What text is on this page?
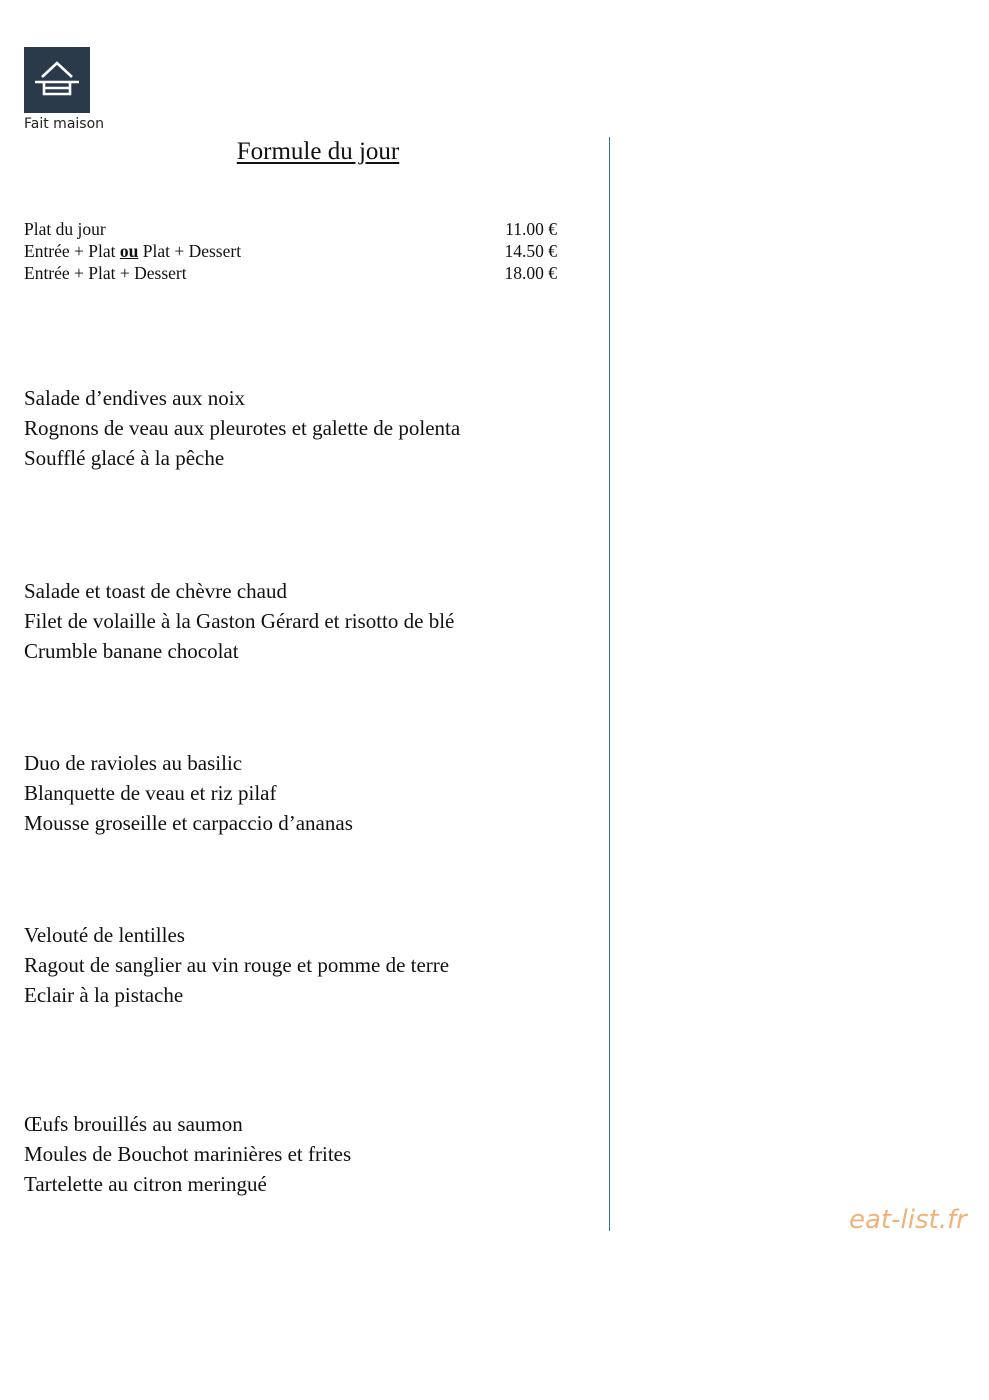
Fait maison
Formule du jour
Plat du jour	11.00 €
Entrée + Plat ou Plat + Dessert	14.50 €
Entrée + Plat + Dessert	18.00 €
Salade d’endives aux noix
Rognons de veau aux pleurotes et galette de polenta
Soufflé glacé à la pêche
Salade et toast de chèvre chaud
Filet de volaille à la Gaston Gérard et risotto de blé
Crumble banane chocolat
Duo de ravioles au basilic
Blanquette de veau et riz pilaf
Mousse groseille et carpaccio d’ananas
Velouté de lentilles
Ragout de sanglier au vin rouge et pomme de terre
Eclair à la pistache
Œufs brouillés au saumon
Moules de Bouchot marinières et frites
Tartelette au citron meringué
eat-list.fr
